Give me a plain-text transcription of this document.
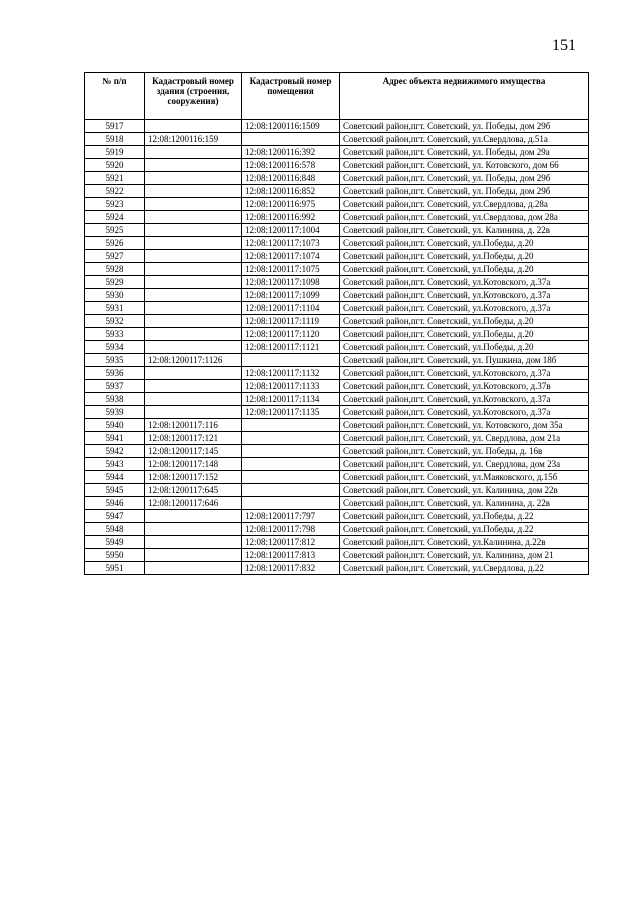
151
№ п/п	Кадастровый номер здания (строения, сооружения)	Кадастровый номер помещения	Адрес объекта недвижимого имущества
5917		12:08:1200116:1509	Советский район,пгт. Советский, ул. Победы, дом 29б
5918	12:08:1200116:159		Советский район,пгт. Советский, ул.Свердлова, д.51а
5919		12:08:1200116:392	Советский район,пгт. Советский, ул. Победы, дом 29а
5920		12:08:1200116:578	Советский район,пгт. Советский, ул. Котовского, дом 66
5921		12:08:1200116:848	Советский район,пгт. Советский, ул. Победы, дом 29б
5922		12:08:1200116:852	Советский район,пгт. Советский, ул. Победы, дом 29б
5923		12:08:1200116:975	Советский район,пгт. Советский, ул.Свердлова, д.28а
5924		12:08:1200116:992	Советский район,пгт. Советский, ул.Свердлова, дом 28а
5925		12:08:1200117:1004	Советский район,пгт. Советский, ул. Калинина, д. 22в
5926		12:08:1200117:1073	Советский район,пгт. Советский, ул.Победы, д.20
5927		12:08:1200117:1074	Советский район,пгт. Советский, ул.Победы, д.20
5928		12:08:1200117:1075	Советский район,пгт. Советский, ул.Победы, д.20
5929		12:08:1200117:1098	Советский район,пгт. Советский, ул.Котовского, д.37а
5930		12:08:1200117:1099	Советский район,пгт. Советский, ул.Котовского, д.37а
5931		12:08:1200117:1104	Советский район,пгт. Советский, ул.Котовского, д.37а
5932		12:08:1200117:1119	Советский район,пгт. Советский, ул.Победы, д.20
5933		12:08:1200117:1120	Советский район,пгт. Советский, ул.Победы, д.20
5934		12:08:1200117:1121	Советский район,пгт. Советский, ул.Победы, д.20
5935	12:08:1200117:1126		Советский район,пгт. Советский, ул. Пушкина, дом 18б
5936		12:08:1200117:1132	Советский район,пгт. Советский, ул.Котовского, д.37а
5937		12:08:1200117:1133	Советский район,пгт. Советский, ул.Котовского, д.37в
5938		12:08:1200117:1134	Советский район,пгт. Советский, ул.Котовского, д.37а
5939		12:08:1200117:1135	Советский район,пгт. Советский, ул.Котовского, д.37а
5940	12:08:1200117:116		Советский район,пгт. Советский, ул. Котовского, дом 35а
5941	12:08:1200117:121		Советский район,пгт. Советский, ул. Свердлова, дом 21а
5942	12:08:1200117:145		Советский район,пгт. Советский, ул. Победы, д. 16в
5943	12:08:1200117:148		Советский район,пгт. Советский, ул. Свердлова, дом 23а
5944	12:08:1200117:152		Советский район,пгт. Советский, ул.Маяковского, д.15б
5945	12:08:1200117:645		Советский район,пгт. Советский, ул. Калинина, дом 22в
5946	12:08:1200117:646		Советский район,пгт. Советский, ул. Калинина, д. 22в
5947		12:08:1200117:797	Советский район,пгт. Советский, ул.Победы, д.22
5948		12:08:1200117:798	Советский район,пгт. Советский, ул.Победы, д.22
5949		12:08:1200117:812	Советский район,пгт. Советский, ул.Калинина, д.22в
5950		12:08:1200117:813	Советский район,пгт. Советский, ул. Калинина, дом 21
5951		12:08:1200117:832	Советский район,пгт. Советский, ул.Свердлова, д.22
